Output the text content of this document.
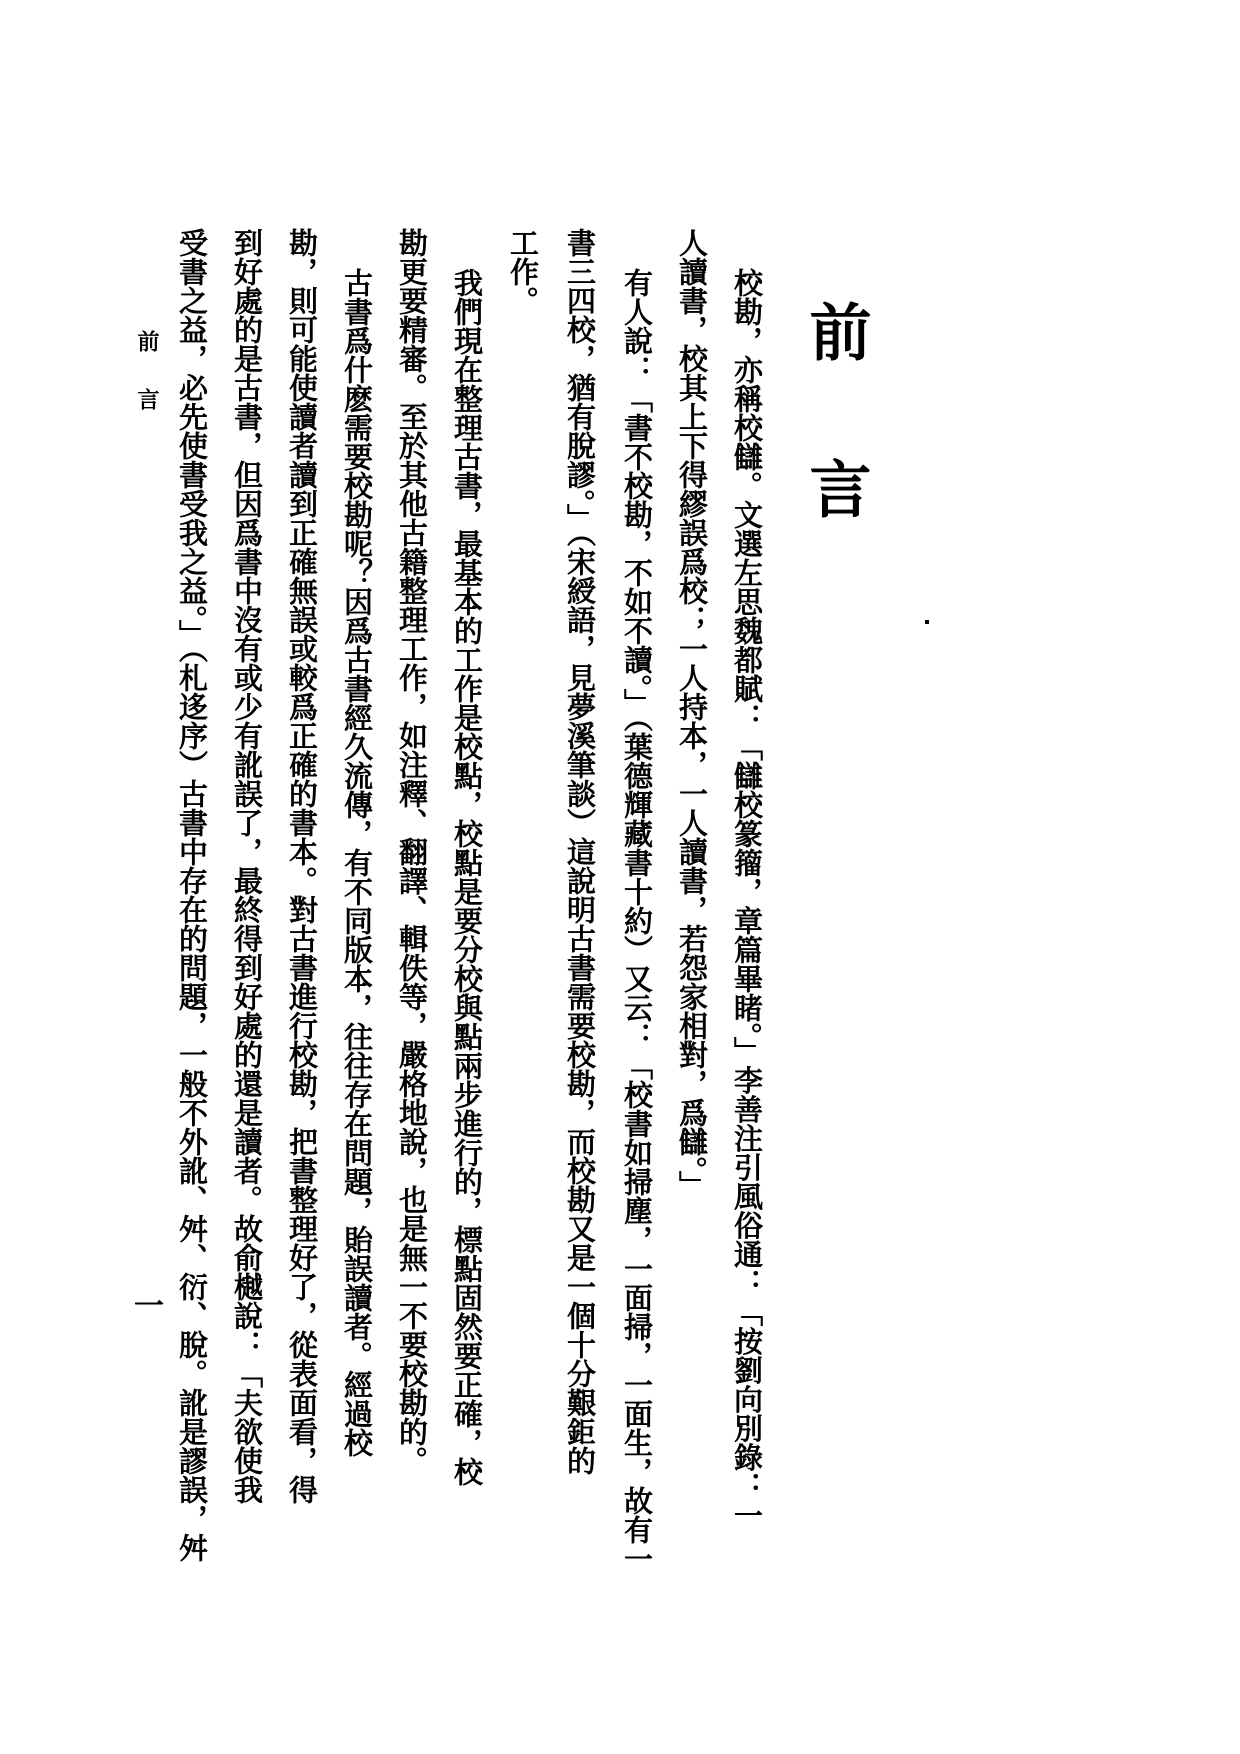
前言
校勘，亦稱校讎。文選左思魏都賦：「讎校篆籀，章篇畢睹。」李善注引風俗通：「按劉向別錄：一
人讀書，校其上下得繆誤爲校；一人持本，一人讀書，若怨家相對，爲讎。」
有人說：「書不校勘，不如不讀。」（葉德輝藏書十約）又云：「校書如掃塵，一面掃，一面生，故有一
書三四校，猶有脫謬。」（宋綬語，見夢溪筆談）這說明古書需要校勘，而校勘又是一個十分艱鉅的
工作。
我們現在整理古書，最基本的工作是校點，校點是要分校與點兩步進行的，標點固然要正確，校
勘更要精審。至於其他古籍整理工作，如注釋、翻譯、輯佚等，嚴格地說，也是無一不要校勘的。
古書爲什麽需要校勘呢？因爲古書經久流傳，有不同版本，往往存在問題，貽誤讀者。經過校
勘，則可能使讀者讀到正確無誤或較爲正確的書本。對古書進行校勘，把書整理好了，從表面看，得
到好處的是古書，但因爲書中沒有或少有訛誤了，最終得到好處的還是讀者。故俞樾說：「夫欲使我
受書之益，必先使書受我之益。」（札迻序）古書中存在的問題，一般不外訛、舛、衍、脫。訛是謬誤，舛
前言
一
